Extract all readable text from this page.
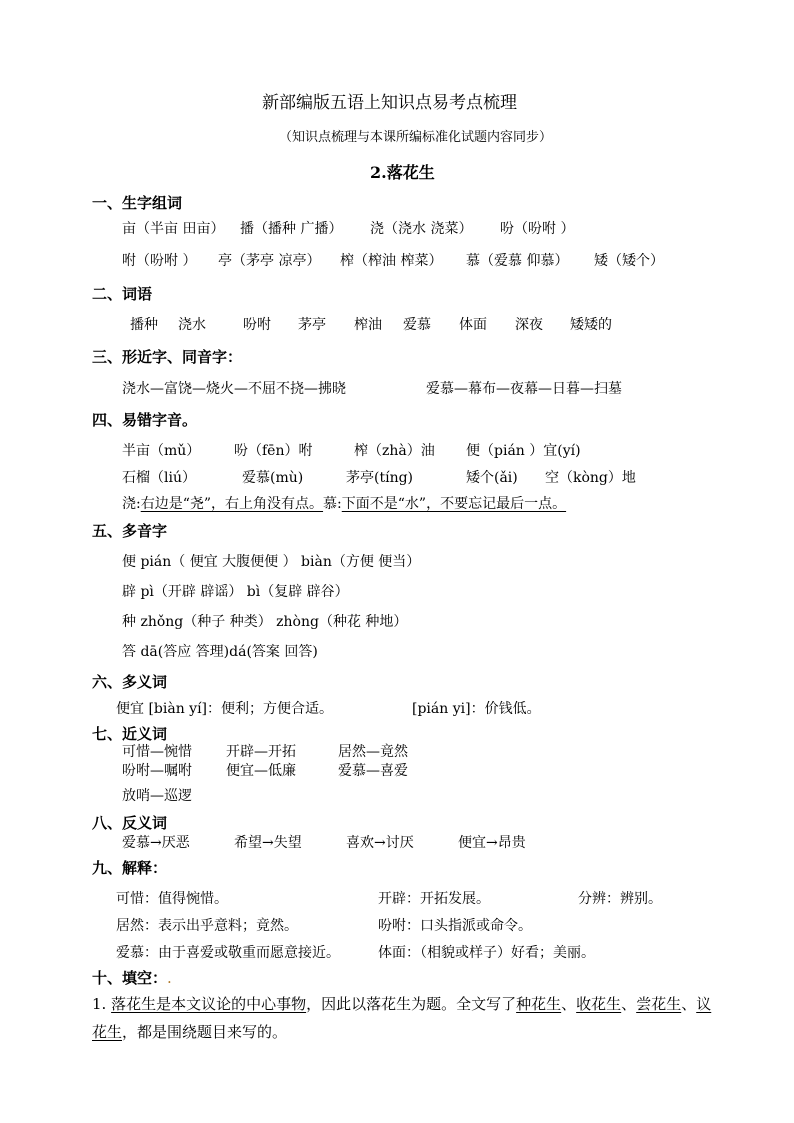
新部编版五语上知识点易考点梳理
（知识点梳理与本课所编标准化试题内容同步）
2.落花生
一、生字组词
亩（半亩 田亩） 播（播种 广播） 浇（浇水 浇菜） 吩（吩咐 ）
咐（吩咐 ） 亭（茅亭 凉亭） 榨（榨油 榨菜） 慕（爱慕 仰慕） 矮（矮个）
二、词语
播种 浇水	吩咐 茅亭 榨油 爱慕 体面 深夜 矮矮的
三、形近字、同音字：
浇水—富饶—烧火—不屈不挠—拂晓	爱慕—幕布—夜幕—日暮—扫墓
四、易错字音。
半亩（mǔ） 吩（fēn）咐	榨（zhà）油 便（pián ）宜(yí)
石榴（liú）	爱慕(mù)	茅亭(tíng)	矮个(ǎi) 空（kòng）地
浇:右边是“尧”，右上角没有点。慕:下面不是“水”，不要忘记最后一点。
五、多音字
便 pián（ 便宜 大腹便便 ） biàn（方便 便当）
辟 pì（开辟 辟谣） bì（复辟 辟谷）
种 zhǒng（种子 种类） zhòng（种花 种地）
答 dā(答应 答理)dá(答案 回答)
六、多义词
便宜 [biàn yí]：便利；方便合适。	[pián yi]：价钱低。
七、近义词
可惜—惋惜 开辟—开拓	居然—竟然
吩咐—嘱咐 便宜—低廉	爱慕—喜爱
放哨—巡逻
八、反义词
爱慕→厌恶	希望→失望	喜欢→讨厌	便宜→昂贵
九、解释：
可惜：值得惋惜。	开辟：开拓发展。	分辨：辨别。
居然：表示出乎意料；竟然。	吩咐：口头指派或命令。
爱慕：由于喜爱或敬重而愿意接近。	体面：（相貌或样子）好看；美丽。
十、填空：.
1. 落花生是本文议论的中心事物，因此以落花生为题。全文写了种花生、收花生、尝花生、议花生，都是围绕题目来写的。
